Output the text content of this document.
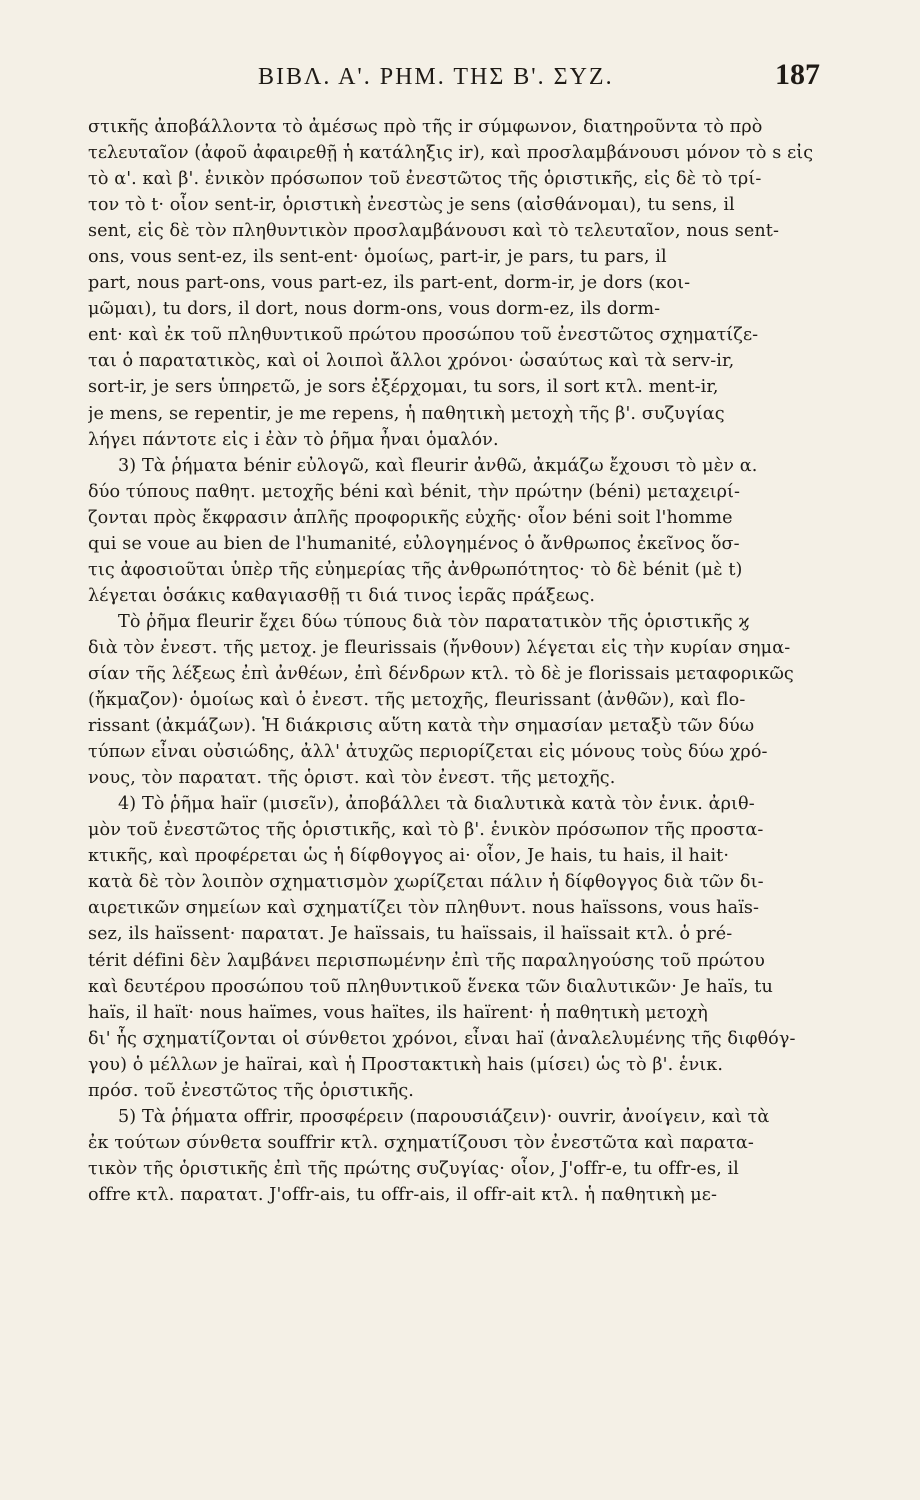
ΒΙΒΛ. Α'. ΡΗΜ. ΤΗΣ Β'. ΣΥΖ.	187

στικῆς ἀποβάλλοντα τὸ ἀμέσως πρὸ τῆς ir σύμφωνον, διατηροῦντα τὸ πρὸ
τελευταῖον (ἀφοῦ ἀφαιρεθῇ ἡ κατάληξις ir), καὶ προσλαμβάνουσι μόνον τὸ s εἰς
τὸ α'. καὶ β'. ἑνικὸν πρόσωπον τοῦ ἐνεστῶτος τῆς ὁριστικῆς, εἰς δὲ τὸ τρί-
τον τὸ t· οἷον sent-ir, ὁριστικὴ ἐνεστὼς je sens (αἰσθάνομαι), tu sens, il
sent, εἰς δὲ τὸν πληθυντικὸν προσλαμβάνουσι καὶ τὸ τελευταῖον, nous sent-
ons, vous sent-ez, ils sent-ent· ὁμοίως, part-ir, je pars, tu pars, il
part, nous part-ons, vous part-ez, ils part-ent, dorm-ir, je dors (κοι-
μῶμαι), tu dors, il dort, nous dorm-ons, vous dorm-ez, ils dorm-
ent· καὶ ἐκ τοῦ πληθυντικοῦ πρώτου προσώπου τοῦ ἐνεστῶτος σχηματίζε-
ται ὁ παρατατικὸς, καὶ οἱ λοιποὶ ἄλλοι χρόνοι· ὡσαύτως καὶ τὰ serv-ir,
sort-ir, je sers ὑπηρετῶ, je sors ἐξέρχομαι, tu sors, il sort κτλ. ment-ir,
je mens, se repentir, je me repens, ἡ παθητικὴ μετοχὴ τῆς β'. συζυγίας
λήγει πάντοτε εἰς i ἐὰν τὸ ῥῆμα ἦναι ὁμαλόν.

3) Τὰ ῥήματα bénir εὐλογῶ, καὶ fleurir ἀνθῶ, ἀκμάζω ἔχουσι τὸ μὲν α.
δύο τύπους παθητ. μετοχῆς béni καὶ bénit, τὴν πρώτην (béni) μεταχειρί-
ζονται πρὸς ἔκφρασιν ἁπλῆς προφορικῆς εὐχῆς· οἷον béni soit l'homme
qui se voue au bien de l'humanité, εὐλογημένος ὁ ἄνθρωπος ἐκεῖνος ὅσ-
τις ἀφοσιοῦται ὑπὲρ τῆς εὐημερίας τῆς ἀνθρωπότητος· τὸ δὲ bénit (μὲ t)
λέγεται ὁσάκις καθαγιασθῇ τι διά τινος ἱερᾶς πράξεως.

Τὸ ῥῆμα fleurir ἔχει δύω τύπους διὰ τὸν παρατατικὸν τῆς ὁριστικῆς ϗ
διὰ τὸν ἐνεστ. τῆς μετοχ. je fleurissais (ἤνθουν) λέγεται εἰς τὴν κυρίαν σημα-
σίαν τῆς λέξεως ἐπὶ ἀνθέων, ἐπὶ δένδρων κτλ. τὸ δὲ je florissais μεταφορικῶς
(ἤκμαζον)· ὁμοίως καὶ ὁ ἐνεστ. τῆς μετοχῆς, fleurissant (ἀνθῶν), καὶ flo-
rissant (ἀκμάζων). Ἡ διάκρισις αὕτη κατὰ τὴν σημασίαν μεταξὺ τῶν δύω
τύπων εἶναι οὐσιώδης, ἀλλ' ἀτυχῶς περιορίζεται εἰς μόνους τοὺς δύω χρό-
νους, τὸν παρατατ. τῆς ὁριστ. καὶ τὸν ἐνεστ. τῆς μετοχῆς.

4) Τὸ ῥῆμα haïr (μισεῖν), ἀποβάλλει τὰ διαλυτικὰ κατὰ τὸν ἑνικ. ἀριθ-
μὸν τοῦ ἐνεστῶτος τῆς ὁριστικῆς, καὶ τὸ β'. ἑνικὸν πρόσωπον τῆς προστα-
κτικῆς, καὶ προφέρεται ὡς ἡ δίφθογγος ai· οἷον, Je hais, tu hais, il hait·
κατὰ δὲ τὸν λοιπὸν σχηματισμὸν χωρίζεται πάλιν ἡ δίφθογγος διὰ τῶν δι-
αιρετικῶν σημείων καὶ σχηματίζει τὸν πληθυντ. nous haïssons, vous haïs-
sez, ils haïssent· παρατατ. Je haïssais, tu haïssais, il haïssait κτλ. ὁ pré-
térit défini δὲν λαμβάνει περισπωμένην ἐπὶ τῆς παραληγούσης τοῦ πρώτου
καὶ δευτέρου προσώπου τοῦ πληθυντικοῦ ἕνεκα τῶν διαλυτικῶν· Je haïs, tu
haïs, il haït· nous haïmes, vous haïtes, ils haïrent· ἡ παθητικὴ μετοχὴ
δι' ἧς σχηματίζονται οἱ σύνθετοι χρόνοι, εἶναι haï (ἀναλελυμένης τῆς διφθόγ-
γου) ὁ μέλλων je haïrai, καὶ ἡ Προστακτικὴ hais (μίσει) ὡς τὸ β'. ἑνικ.
πρόσ. τοῦ ἐνεστῶτος τῆς ὁριστικῆς.

5) Τὰ ῥήματα offrir, προσφέρειν (παρουσιάζειν)· ouvrir, ἀνοίγειν, καὶ τὰ
ἐκ τούτων σύνθετα souffrir κτλ. σχηματίζουσι τὸν ἐνεστῶτα καὶ παρατα-
τικὸν τῆς ὁριστικῆς ἐπὶ τῆς πρώτης συζυγίας· οἷον, J'offr-e, tu offr-es, il
offre κτλ. παρατατ. J'offr-ais, tu offr-ais, il offr-ait κτλ. ἡ παθητικὴ με-
